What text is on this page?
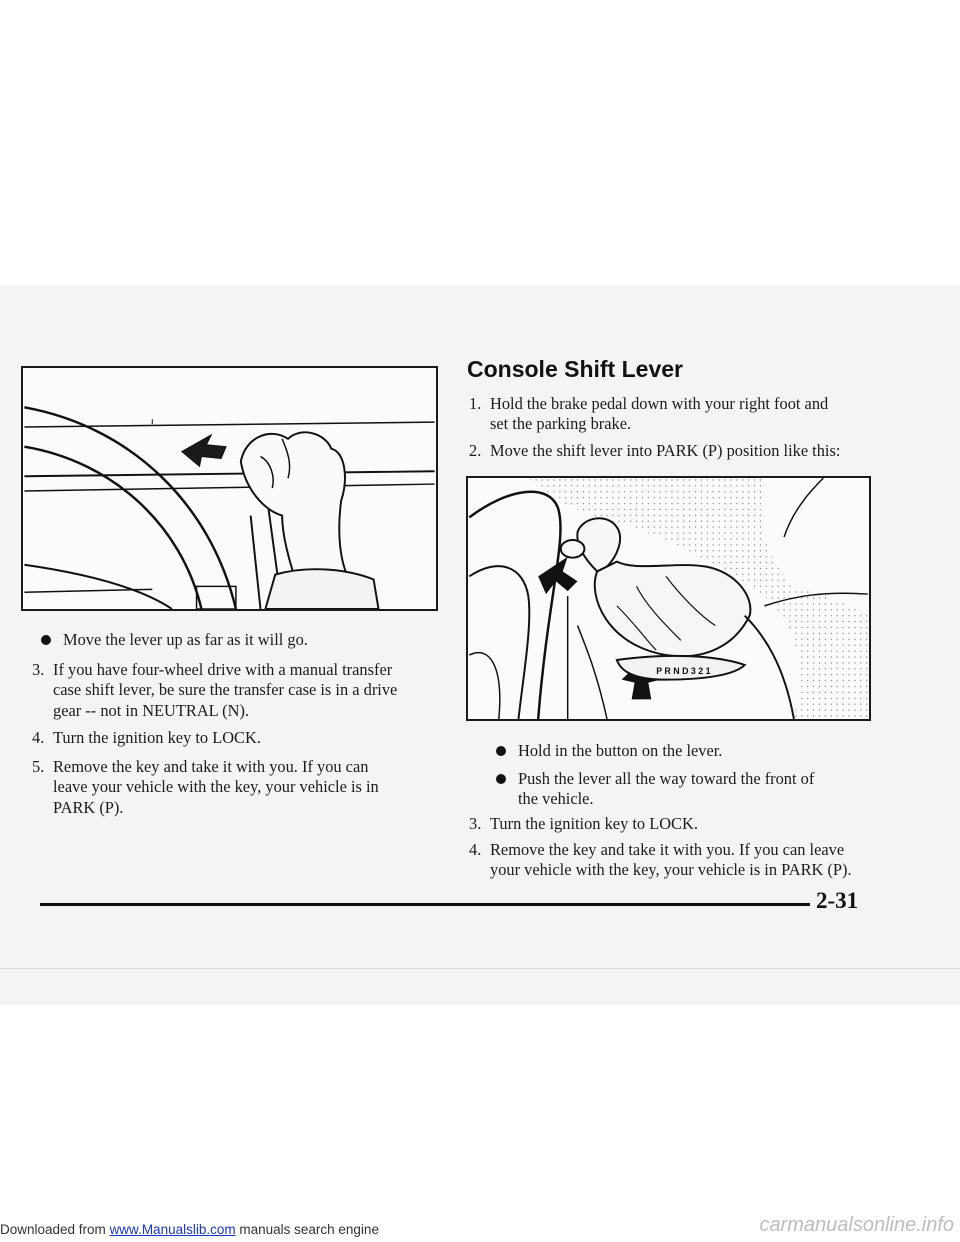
Move the lever up as far as it will go.
3. If you have four-wheel drive with a manual transfer
case shift lever, be sure the transfer case is in a drive
gear -- not in NEUTRAL (N).
4. Turn the ignition key to LOCK.
5. Remove the key and take it with you. If you can
leave your vehicle with the key, your vehicle is in
PARK (P).
Console Shift Lever
1. Hold the brake pedal down with your right foot and
set the parking brake.
2. Move the shift lever into PARK (P) position like this:
P R N D 3 2 1
Hold in the button on the lever.
Push the lever all the way toward the front of
the vehicle.
3. Turn the ignition key to LOCK.
4. Remove the key and take it with you. If you can leave
your vehicle with the key, your vehicle is in PARK (P).
2-31
Downloaded from www.Manualslib.com manuals search engine	carmanualsonline.info
